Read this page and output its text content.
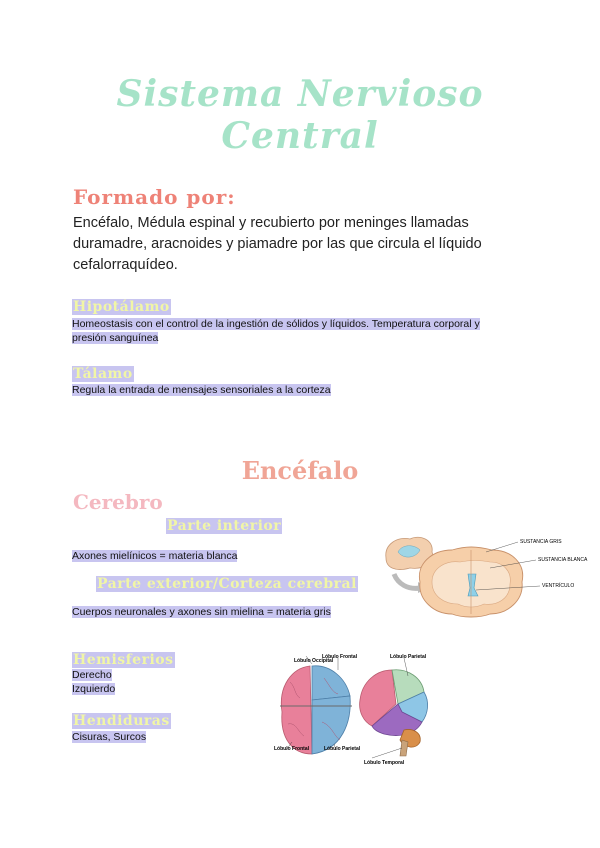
Sistema Nervioso
Central
Formado por:
Encéfalo, Médula espinal y recubierto por meninges llamadas duramadre, aracnoides y piamadre por las que circula el líquido cefalorraquídeo.
Hipotálamo
Homeostasis con el control de la ingestión de sólidos y líquidos. Temperatura corporal y
presión sanguínea
Tálamo
Regula la entrada de mensajes sensoriales a la corteza
Encéfalo
Cerebro
Parte interior
Axones mielínicos = materia blanca
Parte exterior/Corteza cerebral
Cuerpos neuronales y axones sin mielina = materia gris
SUSTANCIA GRIS
SUSTANCIA BLANCA
VENTRÍCULO
Hemisferios
Derecho
Izquierdo
Hendiduras
Cisuras, Surcos
Lóbulo Occipital
Lóbulo Frontal	Lóbulo Parietal
Lóbulo Frontal	Lóbulo Parietal
Lóbulo Temporal
